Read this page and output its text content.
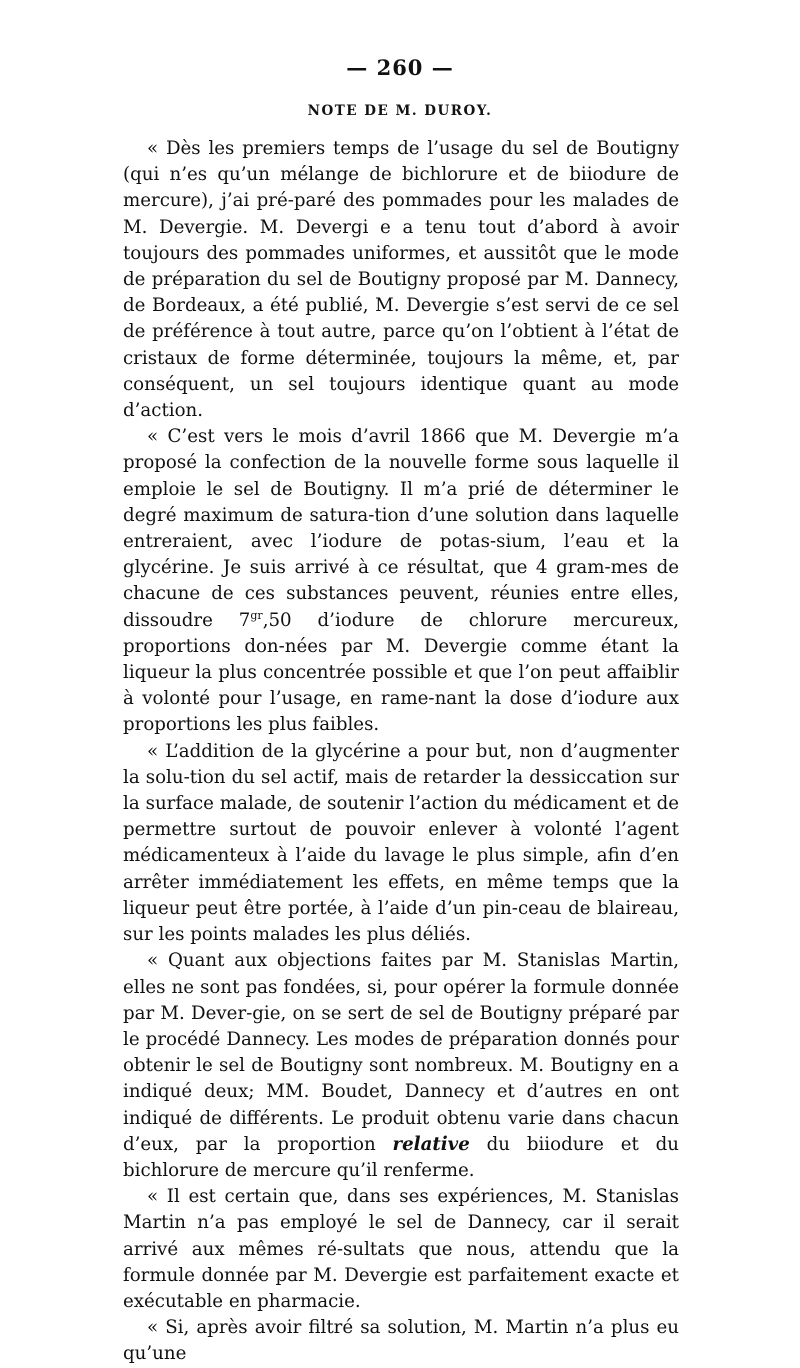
— 260 —
NOTE DE M. DUROY.

« Dès les premiers temps de l’usage du sel de Boutigny (qui n’es qu’un mélange de bichlorure et de biiodure de mercure), j’ai pré-paré des pommades pour les malades de M. Devergie. M. Devergi e a tenu tout d’abord à avoir toujours des pommades uniformes, et aussitôt que le mode de préparation du sel de Boutigny proposé par M. Dannecy, de Bordeaux, a été publié, M. Devergie s’est servi de ce sel de préférence à tout autre, parce qu’on l’obtient à l’état de cristaux de forme déterminée, toujours la même, et, par conséquent, un sel toujours identique quant au mode d’action.

« C’est vers le mois d’avril 1866 que M. Devergie m’a proposé la confection de la nouvelle forme sous laquelle il emploie le sel de Boutigny. Il m’a prié de déterminer le degré maximum de satura-tion d’une solution dans laquelle entreraient, avec l’iodure de potas-sium, l’eau et la glycérine. Je suis arrivé à ce résultat, que 4 gram-mes de chacune de ces substances peuvent, réunies entre elles, dissoudre $7^{gr},50$ d’iodure de chlorure mercureux, proportions don-nées par M. Devergie comme étant la liqueur la plus concentrée possible et que l’on peut affaiblir à volonté pour l’usage, en rame-nant la dose d’iodure aux proportions les plus faibles.

« L’addition de la glycérine a pour but, non d’augmenter la solu-tion du sel actif, mais de retarder la dessiccation sur la surface malade, de soutenir l’action du médicament et de permettre surtout de pouvoir enlever à volonté l’agent médicamenteux à l’aide du lavage le plus simple, afin d’en arrêter immédiatement les effets, en même temps que la liqueur peut être portée, à l’aide d’un pin-ceau de blaireau, sur les points malades les plus déliés.

« Quant aux objections faites par M. Stanislas Martin, elles ne sont pas fondées, si, pour opérer la formule donnée par M. Dever-gie, on se sert de sel de Boutigny préparé par le procédé Dannecy. Les modes de préparation donnés pour obtenir le sel de Boutigny sont nombreux. M. Boutigny en a indiqué deux; MM. Boudet, Dannecy et d’autres en ont indiqué de différents. Le produit obtenu varie dans chacun d’eux, par la proportion relative du biiodure et du bichlorure de mercure qu’il renferme.

« Il est certain que, dans ses expériences, M. Stanislas Martin n’a pas employé le sel de Dannecy, car il serait arrivé aux mêmes ré-sultats que nous, attendu que la formule donnée par M. Devergie est parfaitement exacte et exécutable en pharmacie.

« Si, après avoir filtré sa solution, M. Martin n’a plus eu qu’une
